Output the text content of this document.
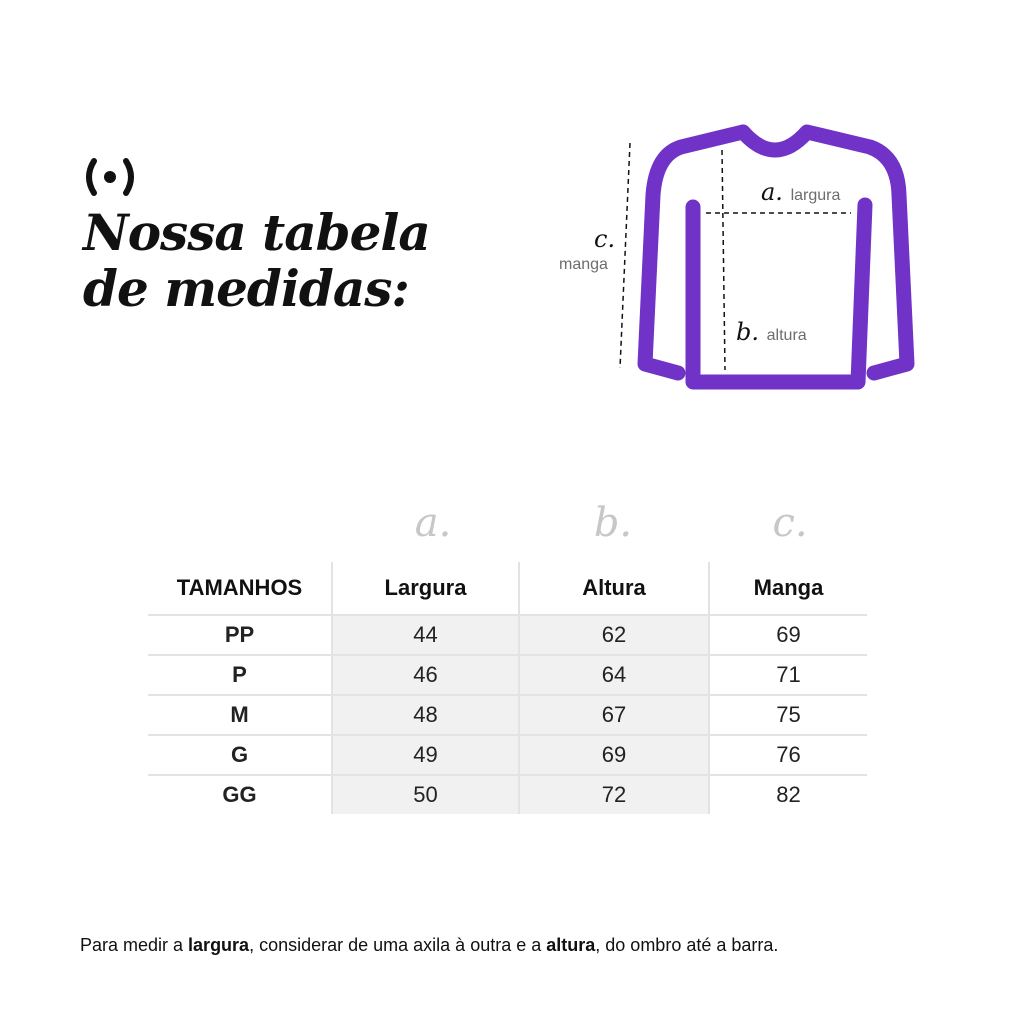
Nossa tabela
de medidas:
a. largura
b. altura
c.
manga
a.	b.	c.
TAMANHOS	Largura	Altura	Manga
PP	44	62	69
P	46	64	71
M	48	67	75
G	49	69	76
GG	50	72	82
Para medir a largura, considerar de uma axila à outra e a altura, do ombro até a barra.
